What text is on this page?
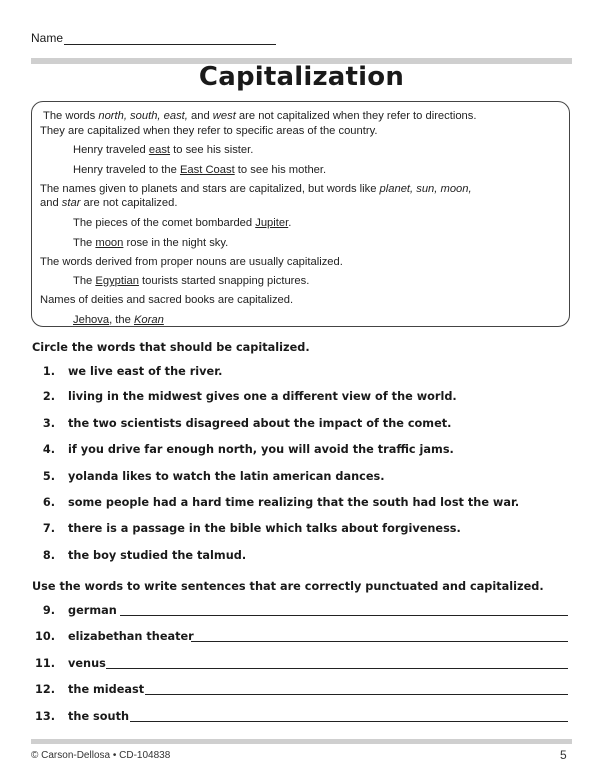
Name
Capitalization
The words north, south, east, and west are not capitalized when they refer to directions.
They are capitalized when they refer to specific areas of the country.
Henry traveled east to see his sister.
Henry traveled to the East Coast to see his mother.
The names given to planets and stars are capitalized, but words like planet, sun, moon,
and star are not capitalized.
The pieces of the comet bombarded Jupiter.
The moon rose in the night sky.
The words derived from proper nouns are usually capitalized.
The Egyptian tourists started snapping pictures.
Names of deities and sacred books are capitalized.
Jehova, the Koran
Circle the words that should be capitalized.
1. we live east of the river.
2. living in the midwest gives one a different view of the world.
3. the two scientists disagreed about the impact of the comet.
4. if you drive far enough north, you will avoid the traffic jams.
5. yolanda likes to watch the latin american dances.
6. some people had a hard time realizing that the south had lost the war.
7. there is a passage in the bible which talks about forgiveness.
8. the boy studied the talmud.
Use the words to write sentences that are correctly punctuated and capitalized.
9. german
10. elizabethan theater
11. venus
12. the mideast
13. the south
© Carson-Dellosa • CD-104838	5
